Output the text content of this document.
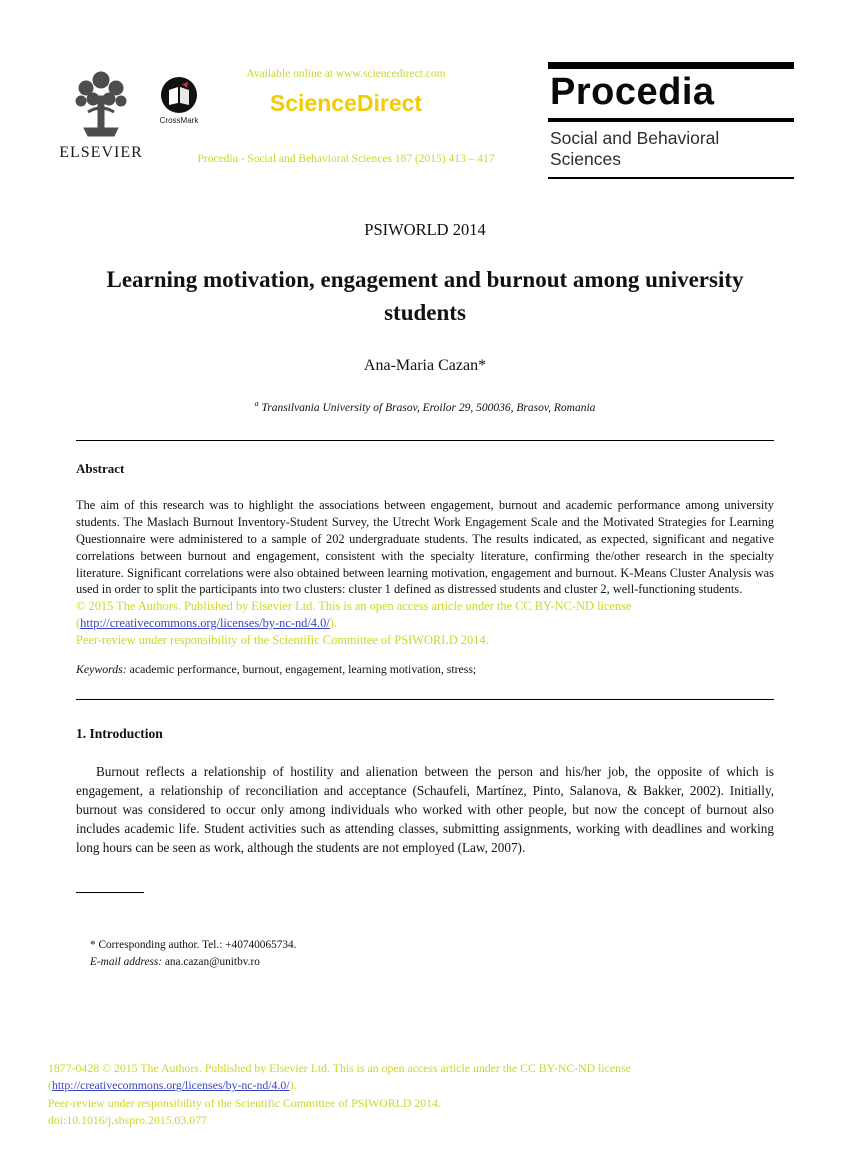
ELSEVIER
CrossMark
Available online at www.sciencedirect.com
ScienceDirect
Procedia - Social and Behavioral Sciences 187 (2015) 413 – 417
Procedia
Social and Behavioral Sciences
PSIWORLD 2014
Learning motivation, engagement and burnout among university students
Ana-Maria Cazan*
$^a$ Transilvania University of Brasov, Eroilor 29, 500036, Brasov, Romania
Abstract
The aim of this research was to highlight the associations between engagement, burnout and academic performance among university students. The Maslach Burnout Inventory-Student Survey, the Utrecht Work Engagement Scale and the Motivated Strategies for Learning Questionnaire were administered to a sample of 202 undergraduate students. The results indicated, as expected, significant and negative correlations between burnout and engagement, consistent with the specialty literature, confirming the/other research in the specialty literature. Significant correlations were also obtained between learning motivation, engagement and burnout. K-Means Cluster Analysis was used in order to split the participants into two clusters: cluster 1 defined as distressed students and cluster 2, well-functioning students.
© 2015 The Authors. Published by Elsevier Ltd. This is an open access article under the CC BY-NC-ND license
(http://creativecommons.org/licenses/by-nc-nd/4.0/).
Peer-review under responsibility of the Scientific Committee of PSIWORLD 2014.
Keywords: academic performance, burnout, engagement, learning motivation, stress;
1. Introduction
Burnout reflects a relationship of hostility and alienation between the person and his/her job, the opposite of which is engagement, a relationship of reconciliation and acceptance (Schaufeli, Martínez, Pinto, Salanova, & Bakker, 2002). Initially, burnout was considered to occur only among individuals who worked with other people, but now the concept of burnout also includes academic life. Student activities such as attending classes, submitting assignments, working with deadlines and working long hours can be seen as work, although the students are not employed (Law, 2007).
* Corresponding author. Tel.: +40740065734.
E-mail address: ana.cazan@unitbv.ro
1877-0428 © 2015 The Authors. Published by Elsevier Ltd. This is an open access article under the CC BY-NC-ND license
(http://creativecommons.org/licenses/by-nc-nd/4.0/).
Peer-review under responsibility of the Scientific Committee of PSIWORLD 2014.
doi:10.1016/j.sbspro.2015.03.077
